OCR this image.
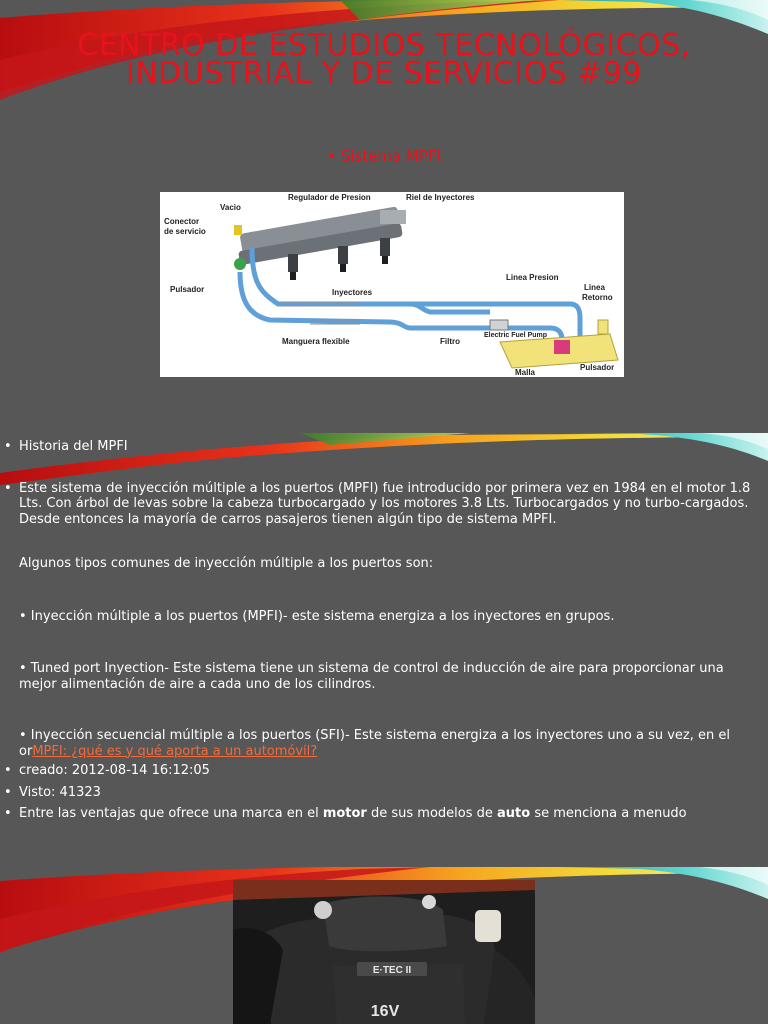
CENTRO DE ESTUDIOS TECNOLÓGICOS, INDUSTRIAL Y DE SERVICIOS #99
• Sistema MPFI
Vacio
Regulador de Presion	Riel de Inyectores
Conector
de servicio
Pulsador	Inyectores
Linea Presion
Linea
Retorno
Manguera flexible	Filtro
Electric Fuel Pump
Malla
Pulsador
• Historia del MPFI
• Este sistema de inyección múltiple a los puertos (MPFI) fue introducido por primera vez en 1984 en el motor 1.8 Lts. Con árbol de levas sobre la cabeza turbocargado y los motores 3.8 Lts. Turbocargados y no turbo-cargados. Desde entonces la mayoría de carros pasajeros tienen algún tipo de sistema MPFI.
Algunos tipos comunes de inyección múltiple a los puertos son:
• Inyección múltiple a los puertos (MPFI)- este sistema energiza a los inyectores en grupos.
• Tuned port Inyection- Este sistema tiene un sistema de control de inducción de aire para proporcionar una mejor alimentación de aire a cada uno de los cilindros.
• Inyección secuencial múltiple a los puertos (SFI)- Este sistema energiza a los inyectores uno a su vez, en el orMPFI: ¿qué es y qué aporta a un automóvil?
• creado: 2012-08-14 16:12:05
• Visto: 41323
• Entre las ventajas que ofrece una marca en el motor de sus modelos de auto se menciona a menudo
E·TEC II
16V
